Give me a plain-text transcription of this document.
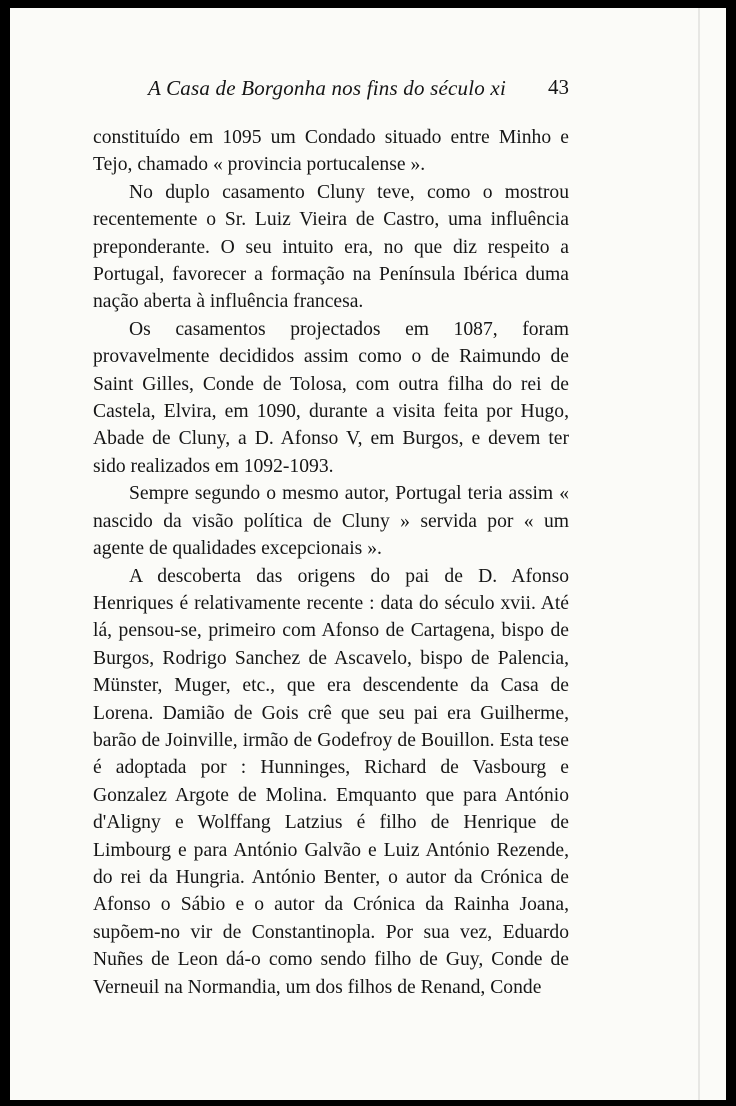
A Casa de Borgonha nos fins do século xi 43

constituído em 1095 um Condado situado entre Minho e Tejo, chamado « provincia portucalense ».

No duplo casamento Cluny teve, como o mostrou recentemente o Sr. Luiz Vieira de Castro, uma influência preponderante. O seu intuito era, no que diz respeito a Portugal, favorecer a formação na Península Ibérica duma nação aberta à influência francesa.

Os casamentos projectados em 1087, foram provavelmente decididos assim como o de Raimundo de Saint Gilles, Conde de Tolosa, com outra filha do rei de Castela, Elvira, em 1090, durante a visita feita por Hugo, Abade de Cluny, a D. Afonso V, em Burgos, e devem ter sido realizados em 1092-1093.

Sempre segundo o mesmo autor, Portugal teria assim « nascido da visão política de Cluny » servida por « um agente de qualidades excepcionais ».

A descoberta das origens do pai de D. Afonso Henriques é relativamente recente : data do século xvii. Até lá, pensou-se, primeiro com Afonso de Cartagena, bispo de Burgos, Rodrigo Sanchez de Ascavelo, bispo de Palencia, Münster, Muger, etc., que era descendente da Casa de Lorena. Damião de Gois crê que seu pai era Guilherme, barão de Joinville, irmão de Godefroy de Bouillon. Esta tese é adoptada por : Hunninges, Richard de Vasbourg e Gonzalez Argote de Molina. Emquanto que para António d'Aligny e Wolffang Latzius é filho de Henrique de Limbourg e para António Galvão e Luiz António Rezende, do rei da Hungria. António Benter, o autor da Crónica de Afonso o Sábio e o autor da Crónica da Rainha Joana, supõem-no vir de Constantinopla. Por sua vez, Eduardo Nuñes de Leon dá-o como sendo filho de Guy, Conde de Verneuil na Normandia, um dos filhos de Renand, Conde
